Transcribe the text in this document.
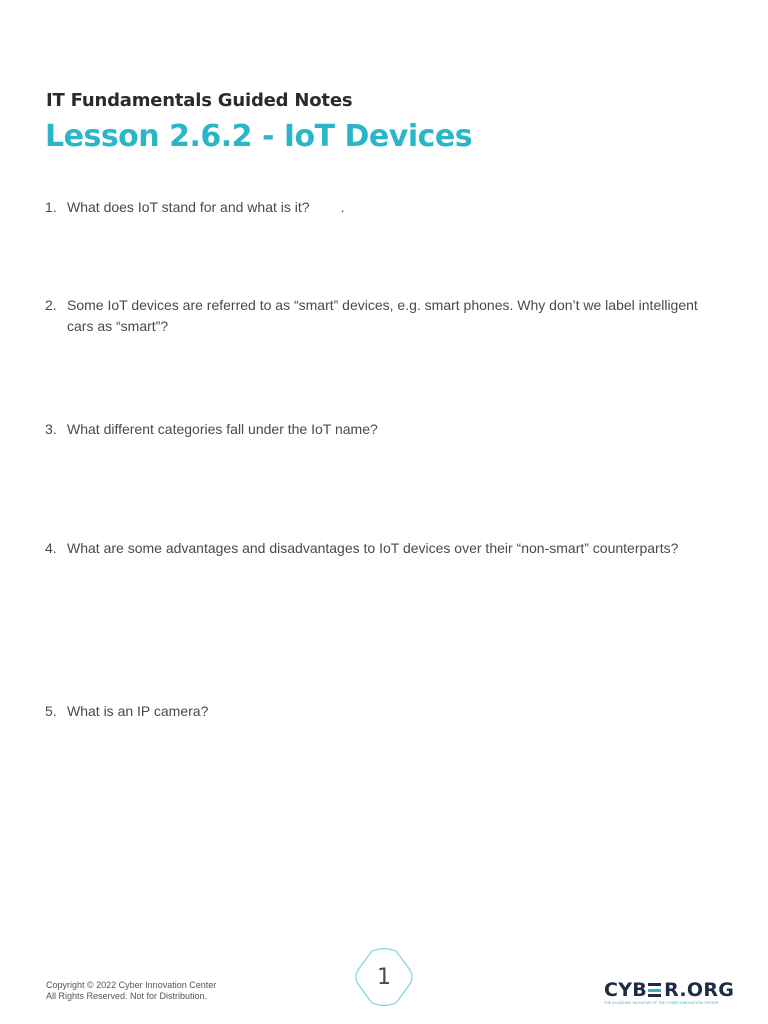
IT Fundamentals Guided Notes
Lesson 2.6.2 - IoT Devices
1. What does IoT stand for and what is it?        .
2. Some IoT devices are referred to as “smart” devices, e.g. smart phones. Why don’t we label intelligent cars as “smart”?
3. What different categories fall under the IoT name?
4. What are some advantages and disadvantages to IoT devices over their “non-smart” counterparts?
5. What is an IP camera?
Copyright © 2022 Cyber Innovation Center
All Rights Reserved. Not for Distribution.
1
CYB R.ORG
THE ACADEMIC INITIATIVE OF THE CYBER INNOVATION CENTER
